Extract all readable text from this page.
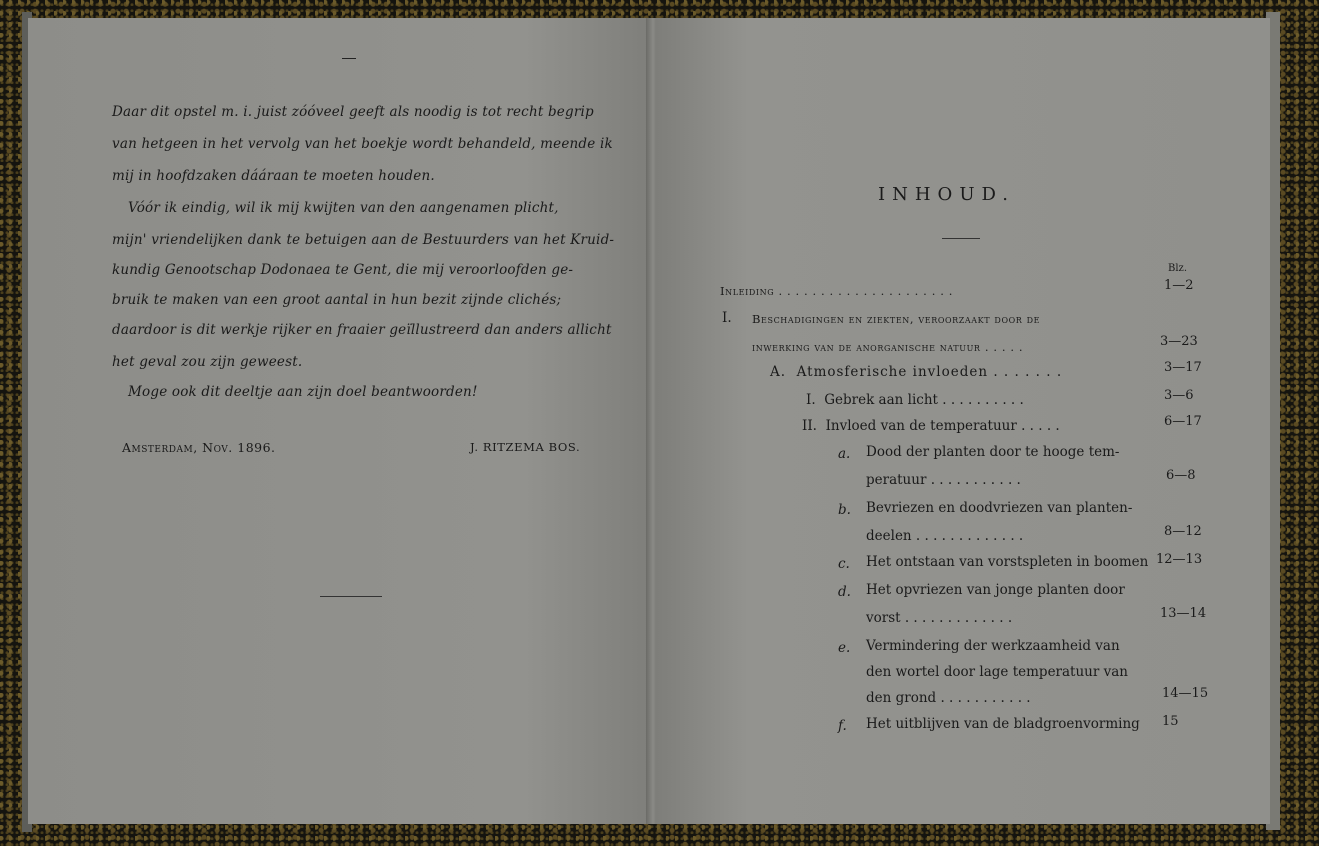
Daar dit opstel m. i. juist zóóveel geeft als noodig is tot recht begrip
van hetgeen in het vervolg van het boekje wordt behandeld, meende ik
mij in hoofdzaken dááraan te moeten houden.
Vóór ik eindig, wil ik mij kwijten van den aangenamen plicht,
mijn' vriendelijken dank te betuigen aan de Bestuurders van het Kruid-
kundig Genootschap Dodonaea te Gent, die mij veroorloofden ge-
bruik te maken van een groot aantal in hun bezit zijnde clichés;
daardoor is dit werkje rijker en fraaier geïllustreerd dan anders allicht
het geval zou zijn geweest.
Moge ook dit deeltje aan zijn doel beantwoorden!
Amsterdam, Nov. 1896.	J. RITZEMA BOS.
INHOUD.
Blz.
Inleiding . . . . . . . . . . . . . . . . . . . . .	1—2
I. Beschadigingen en ziekten, veroorzaakt door de
inwerking van de anorganische natuur . . . . .	3—23
A. Atmosferische invloeden . . . . . . .	3—17
I. Gebrek aan licht . . . . . . . . . .	3—6
II. Invloed van de temperatuur . . . . .	6—17
a. Dood der planten door te hooge tem-
peratuur . . . . . . . . . . .	6—8
b. Bevriezen en doodvriezen van planten-
deelen . . . . . . . . . . . . .	8—12
c. Het ontstaan van vorstspleten in boomen 12—13
d. Het opvriezen van jonge planten door
vorst . . . . . . . . . . . . .	13—14
e. Vermindering der werkzaamheid van
den wortel door lage temperatuur van
den grond . . . . . . . . . . .	14—15
f. Het uitblijven van de bladgroenvorming 15
